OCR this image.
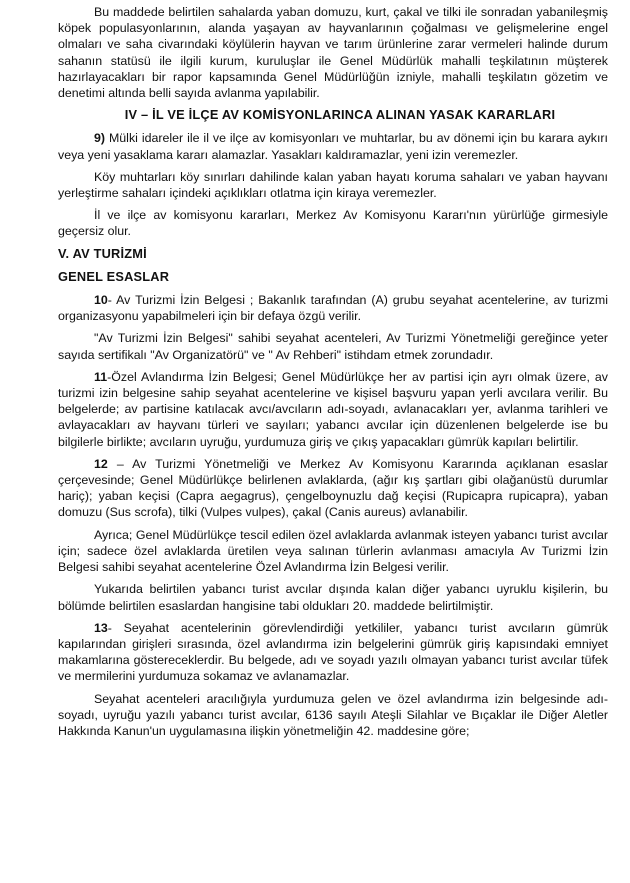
Bu maddede belirtilen sahalarda yaban domuzu, kurt, çakal ve tilki ile sonradan yabanileşmiş köpek populasyonlarının, alanda yaşayan av hayvanlarının çoğalması ve gelişmelerine engel olmaları ve saha civarındaki köylülerin hayvan ve tarım ürünlerine zarar vermeleri halinde durum sahanın statüsü ile ilgili kurum, kuruluşlar ile Genel Müdürlük mahalli teşkilatının müşterek hazırlayacakları bir rapor kapsamında Genel Müdürlüğün izniyle, mahalli teşkilatın gözetim ve denetimi altında belli sayıda avlanma yapılabilir.

IV – İL VE İLÇE AV KOMİSYONLARINCA ALINAN YASAK KARARLARI

9) Mülki idareler ile il ve ilçe av komisyonları ve muhtarlar, bu av dönemi için bu karara aykırı veya yeni yasaklama kararı alamazlar. Yasakları kaldıramazlar, yeni izin veremezler.

Köy muhtarları köy sınırları dahilinde kalan yaban hayatı koruma sahaları ve yaban hayvanı yerleştirme sahaları içindeki açıklıkları otlatma için kiraya veremezler.

İl ve ilçe av komisyonu kararları, Merkez Av Komisyonu Kararı'nın yürürlüğe girmesiyle geçersiz olur.

V. AV TURİZMİ
GENEL ESASLAR

10- Av Turizmi İzin Belgesi ; Bakanlık tarafından (A) grubu seyahat acentelerine, av turizmi organizasyonu yapabilmeleri için bir defaya özgü verilir.

"Av Turizmi İzin Belgesi" sahibi seyahat acenteleri, Av Turizmi Yönetmeliği gereğince yeter sayıda sertifikalı "Av Organizatörü" ve " Av Rehberi" istihdam etmek zorundadır.

11-Özel Avlandırma İzin Belgesi; Genel Müdürlükçe her av partisi için ayrı olmak üzere, av turizmi izin belgesine sahip seyahat acentelerine ve kişisel başvuru yapan yerli avcılara verilir. Bu belgelerde; av partisine katılacak avcı/avcıların adı-soyadı, avlanacakları yer, avlanma tarihleri ve avlayacakları av hayvanı türleri ve sayıları; yabancı avcılar için düzenlenen belgelerde ise bu bilgilerle birlikte; avcıların uyruğu, yurdumuza giriş ve çıkış yapacakları gümrük kapıları belirtilir.

12 – Av Turizmi Yönetmeliği ve Merkez Av Komisyonu Kararında açıklanan esaslar çerçevesinde; Genel Müdürlükçe belirlenen avlaklarda, (ağır kış şartları gibi olağanüstü durumlar hariç); yaban keçisi (Capra aegagrus), çengelboynuzlu dağ keçisi (Rupicapra rupicapra), yaban domuzu (Sus scrofa), tilki (Vulpes vulpes), çakal (Canis aureus) avlanabilir.

Ayrıca; Genel Müdürlükçe tescil edilen özel avlaklarda avlanmak isteyen yabancı turist avcılar için; sadece özel avlaklarda üretilen veya salınan türlerin avlanması amacıyla Av Turizmi İzin Belgesi sahibi seyahat acentelerine Özel Avlandırma İzin Belgesi verilir.

Yukarıda belirtilen yabancı turist avcılar dışında kalan diğer yabancı uyruklu kişilerin, bu bölümde belirtilen esaslardan hangisine tabi oldukları 20. maddede belirtilmiştir.

13- Seyahat acentelerinin görevlendirdiği yetkililer, yabancı turist avcıların gümrük kapılarından girişleri sırasında, özel avlandırma izin belgelerini gümrük giriş kapısındaki emniyet makamlarına göstereceklerdir. Bu belgede, adı ve soyadı yazılı olmayan yabancı turist avcılar tüfek ve mermilerini yurdumuza sokamaz ve avlanamazlar.

Seyahat acenteleri aracılığıyla yurdumuza gelen ve özel avlandırma izin belgesinde adı- soyadı, uyruğu yazılı yabancı turist avcılar, 6136 sayılı Ateşli Silahlar ve Bıçaklar ile Diğer Aletler Hakkında Kanun'un uygulamasına ilişkin yönetmeliğin 42. maddesine göre;
